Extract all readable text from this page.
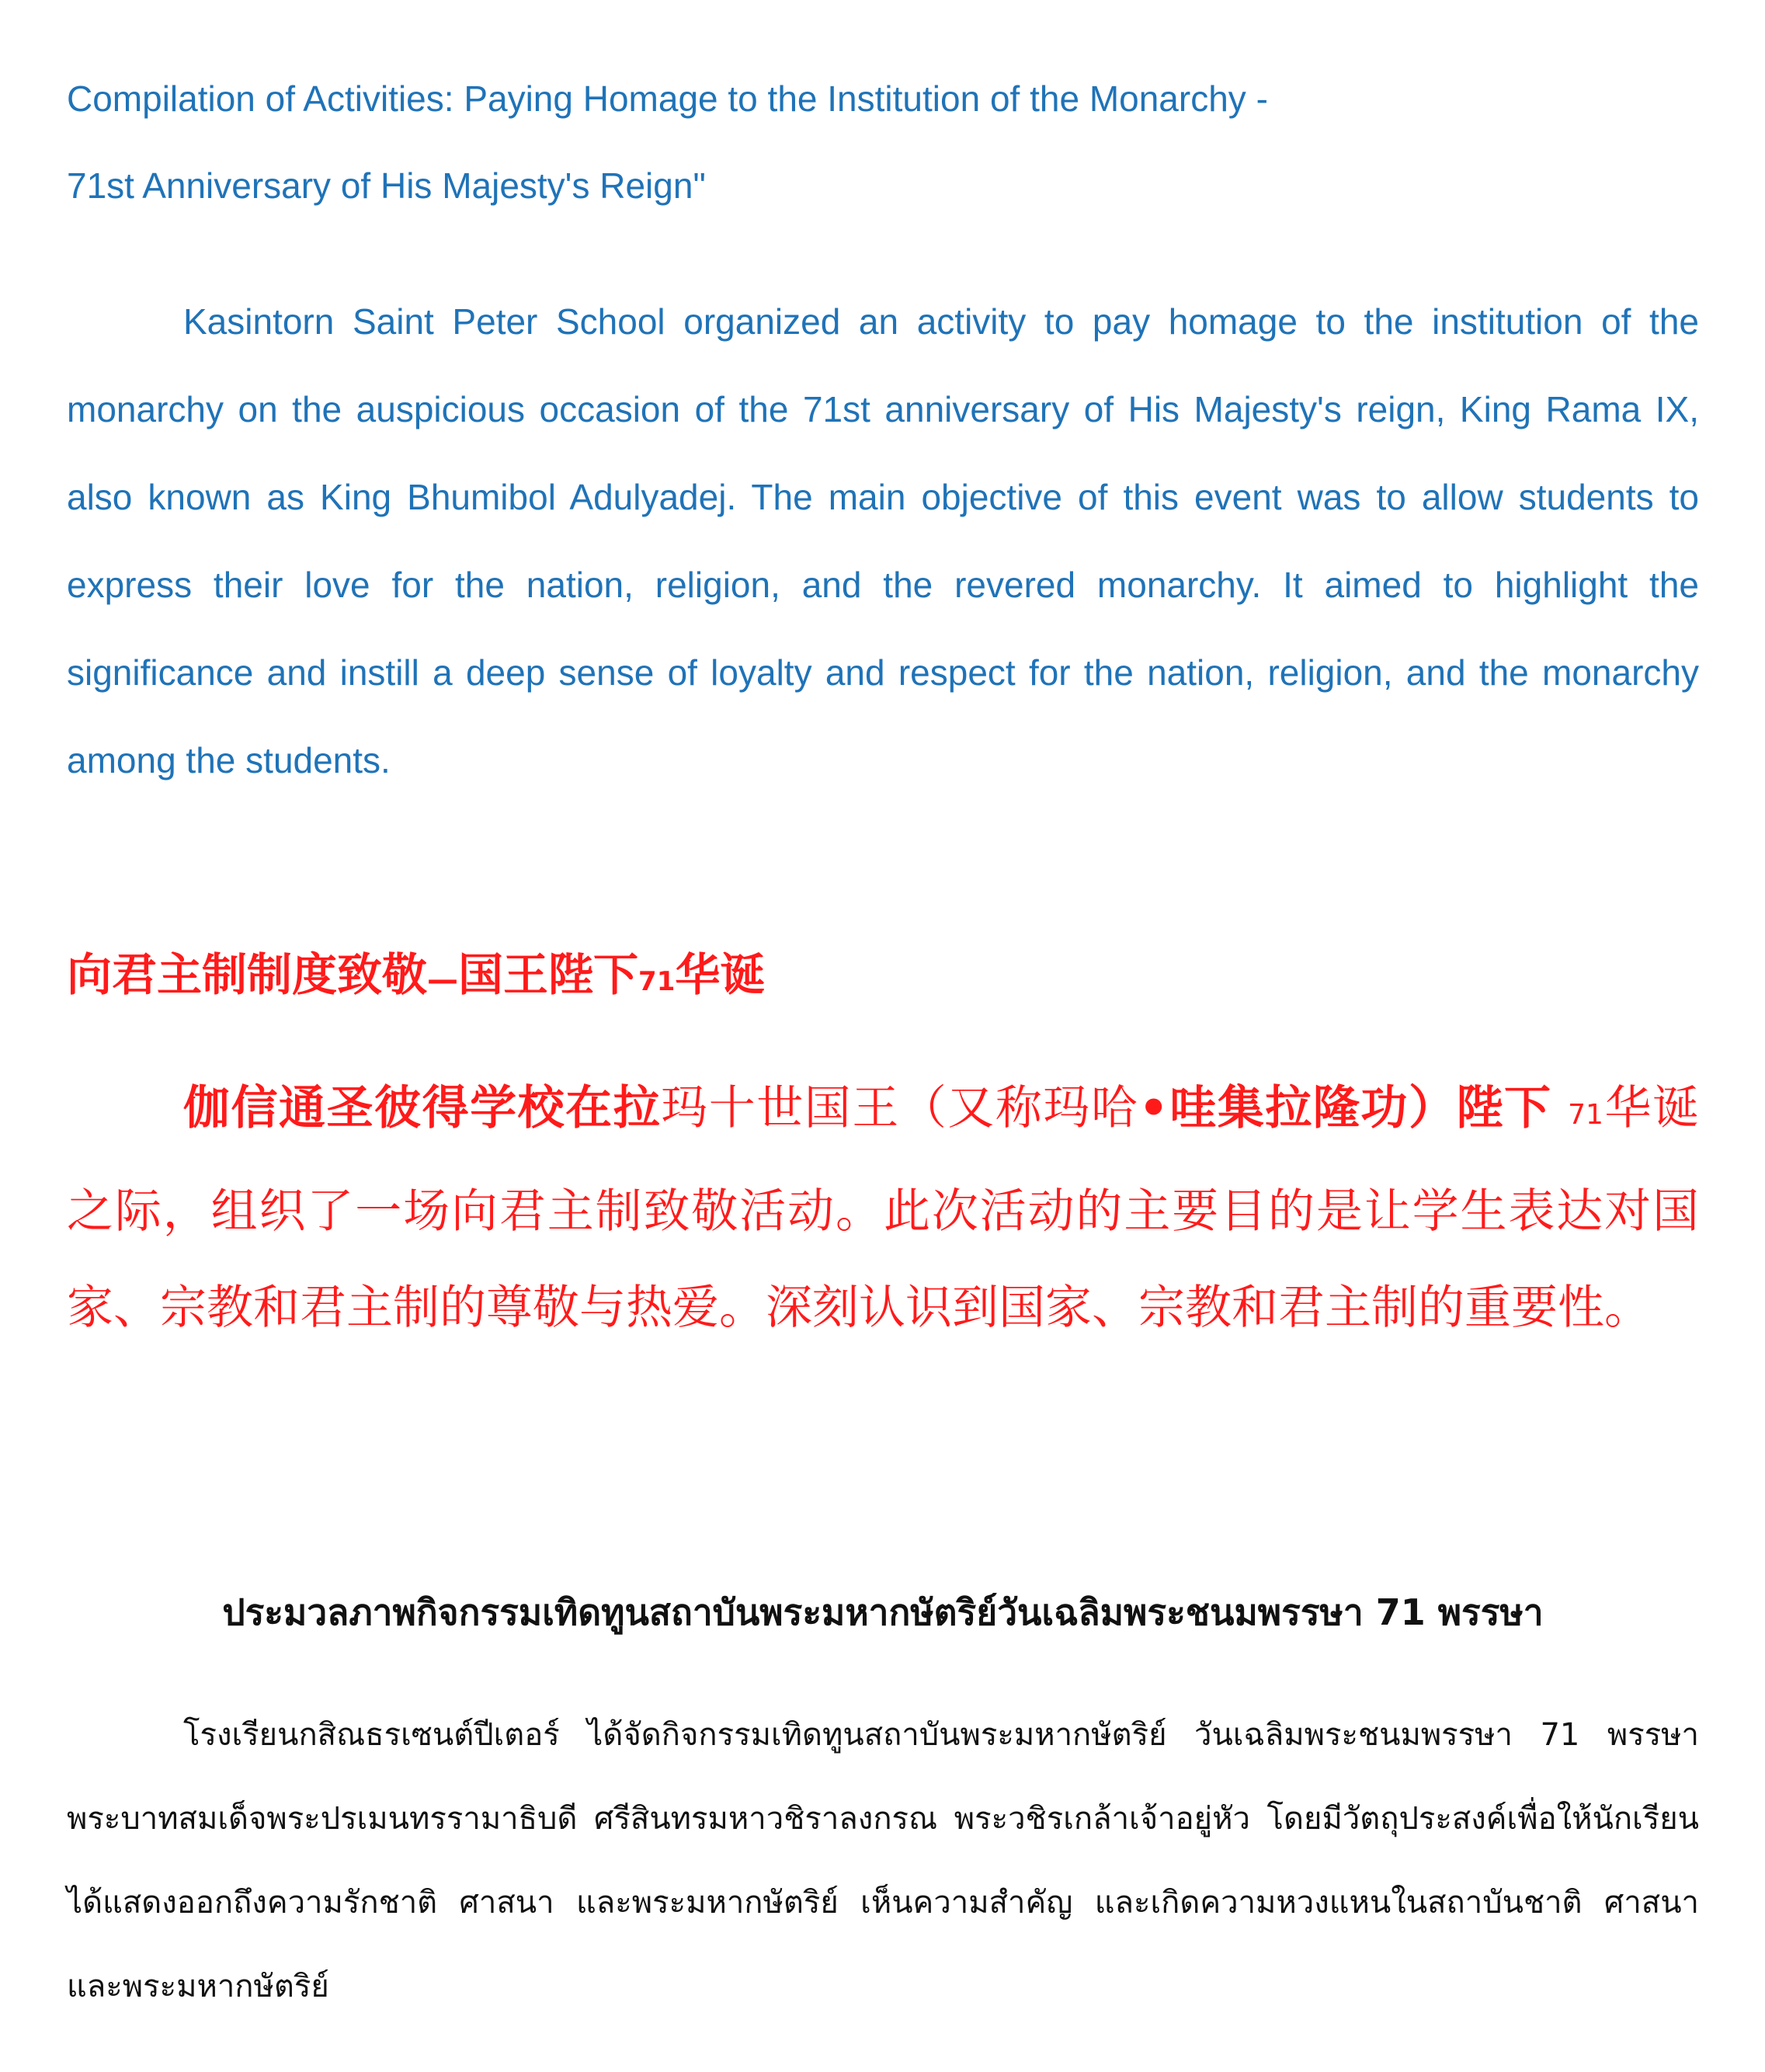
Compilation of Activities: Paying Homage to the Institution of the Monarchy -
71st Anniversary of His Majesty's Reign"

Kasintorn Saint Peter School organized an activity to pay homage to the institution of the monarchy on the auspicious occasion of the 71st anniversary of His Majesty's reign, King Rama IX, also known as King Bhumibol Adulyadej. The main objective of this event was to allow students to express their love for the nation, religion, and the revered monarchy. It aimed to highlight the significance and instill a deep sense of loyalty and respect for the nation, religion, and the monarchy among the students.

向君主制制度致敬—国王陛下71华诞

伽信通圣彼得学校在拉玛十世国王（又称玛哈•哇集拉隆功）陛下 71华诞之际，组织了一场向君主制致敬活动。此次活动的主要目的是让学生表达对国家、宗教和君主制的尊敬与热爱。深刻认识到国家、宗教和君主制的重要性。

ประมวลภาพกิจกรรมเทิดทูนสถาบันพระมหากษัตริย์วันเฉลิมพระชนมพรรษา 71 พรรษา

โรงเรียนกสิณธรเซนต์ปีเตอร์ ได้จัดกิจกรรมเทิดทูนสถาบันพระมหากษัตริย์ วันเฉลิมพระชนมพรรษา 71 พรรษา พระบาทสมเด็จพระปรเมนทรรามาธิบดี ศรีสินทรมหาวชิราลงกรณ พระวชิรเกล้าเจ้าอยู่หัว โดยมีวัตถุประสงค์เพื่อให้นักเรียนได้แสดงออกถึงความรักชาติ ศาสนา และพระมหากษัตริย์ เห็นความสำคัญ และเกิดความหวงแหนในสถาบันชาติ ศาสนา และพระมหากษัตริย์
